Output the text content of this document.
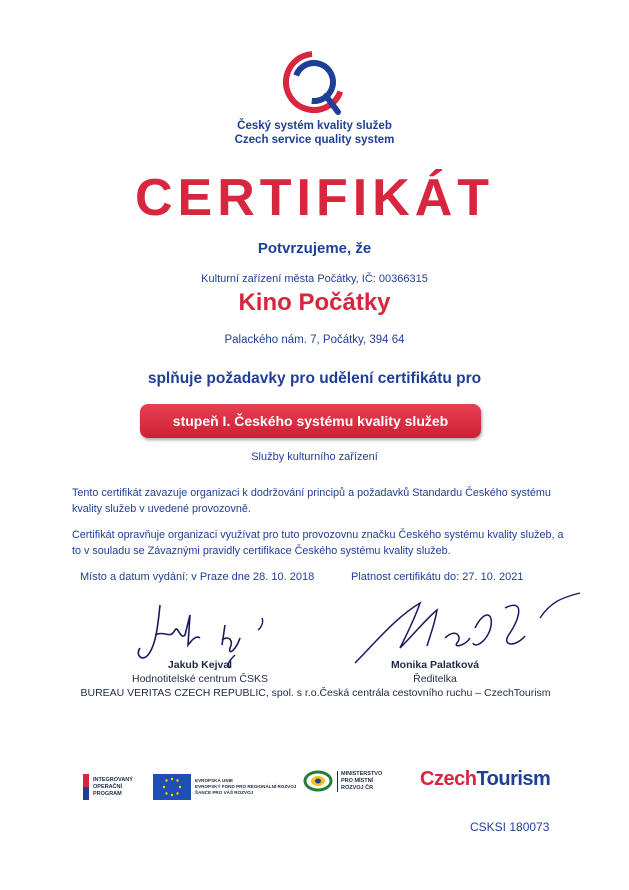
Český systém kvality služeb
Czech service quality system
CERTIFIKÁT
Potvrzujeme, že
Kulturní zařízení města Počátky, IČ: 00366315
Kino Počátky
Palackého nám. 7, Počátky, 394 64
splňuje požadavky pro udělení certifikátu pro
stupeň I. Českého systému kvality služeb
Služby kulturního zařízení
Tento certifikát zavazuje organizaci k dodržování principů a požadavků Standardu Českého systému kvality služeb v uvedené provozovně.
Certifikát opravňuje organizaci využívat pro tuto provozovnu značku Českého systému kvality služeb, a to v souladu se Závaznými pravidly certifikace Českého systému kvality služeb.
Místo a datum vydání: v Praze dne 28. 10. 2018	Platnost certifikátu do: 27. 10. 2021
Jakub Kejval
Hodnotitelské centrum ČSKS
BUREAU VERITAS CZECH REPUBLIC, spol. s r.o.
Monika Palatková
Ředitelka
Česká centrála cestovního ruchu – CzechTourism
INTEGROVANÝ
OPERAČNÍ
PROGRAM
EVROPSKÁ UNIE
EVROPSKÝ FOND PRO REGIONÁLNÍ ROZVOJ
ŠANCE PRO VÁŠ ROZVOJ
MINISTERSTVO
PRO MÍSTNÍ
ROZVOJ ČR	CzechTourism
CSKSI 180073
